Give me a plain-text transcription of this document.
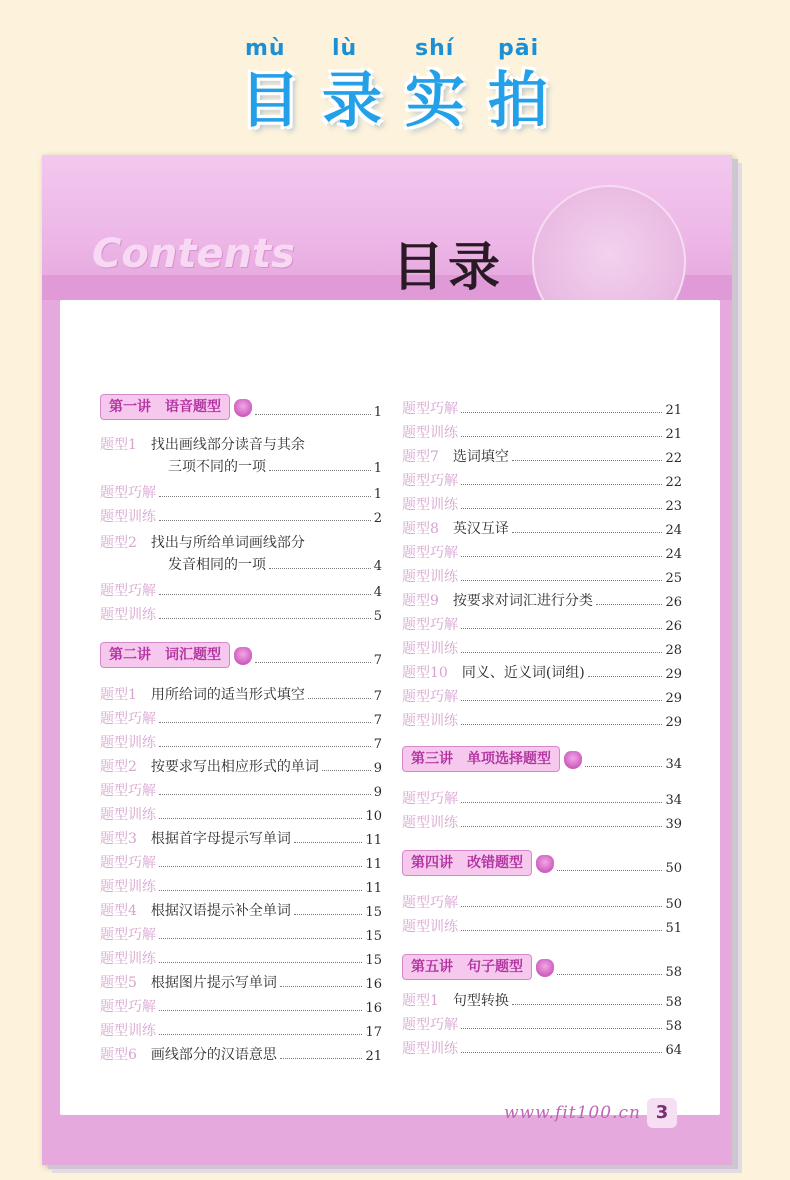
mù lù	shí pāi
目 录 实 拍
Contents 目录
第一讲　语音题型	1
题型1 找出画线部分读音与其余
三项不同的一项	1
题型巧解	1
题型训练	2
题型2 找出与所给单词画线部分
发音相同的一项	4
题型巧解	4
题型训练	5
第二讲　词汇题型	7
题型1 用所给词的适当形式填空	7
题型巧解	7
题型训练	7
题型2 按要求写出相应形式的单词	9
题型巧解	9
题型训练	10
题型3 根据首字母提示写单词	11
题型巧解	11
题型训练	11
题型4 根据汉语提示补全单词	15
题型巧解	15
题型训练	15
题型5 根据图片提示写单词	16
题型巧解	16
题型训练	17
题型6 画线部分的汉语意思	21
题型巧解	21
题型训练	21
题型7 选词填空	22
题型巧解	22
题型训练	23
题型8 英汉互译	24
题型巧解	24
题型训练	25
题型9 按要求对词汇进行分类	26
题型巧解	26
题型训练	28
题型10 同义、近义词(词组)	29
题型巧解	29
题型训练	29
第三讲　单项选择题型	34
题型巧解	34
题型训练	39
第四讲　改错题型	50
题型巧解	50
题型训练	51
第五讲　句子题型	58
题型1 句型转换	58
题型巧解	58
题型训练	64
www.fit100.cn 3
